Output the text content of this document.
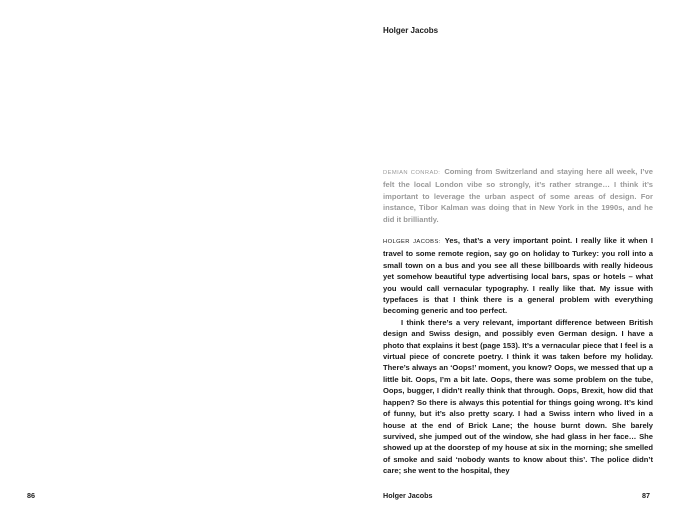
86
Holger Jacobs

DEMIAN CONRAD: Coming from Switzerland and staying here all week, I’ve felt the local London vibe so strongly, it’s rather strange… I think it’s important to leverage the urban aspect of some areas of design. For instance, Tibor Kalman was doing that in New York in the 1990s, and he did it brilliantly.

HOLGER JACOBS: Yes, that’s a very important point. I really like it when I travel to some remote region, say go on holiday to Turkey: you roll into a small town on a bus and you see all these billboards with really hideous yet somehow beautiful type advertising local bars, spas or hotels – what you would call vernacular typography. I really like that. My issue with typefaces is that I think there is a general problem with everything becoming generic and too perfect.

I think there’s a very relevant, important difference between British design and Swiss design, and possibly even German design. I have a photo that explains it best (page 153). It’s a vernacular piece that I feel is a virtual piece of concrete poetry. I think it was taken before my holiday. There’s always an ‘Oops!’ moment, you know? Oops, we messed that up a little bit. Oops, I’m a bit late. Oops, there was some problem on the tube, Oops, bugger, I didn’t really think that through. Oops, Brexit, how did that happen? So there is always this potential for things going wrong. It’s kind of funny, but it’s also pretty scary. I had a Swiss intern who lived in a house at the end of Brick Lane; the house burnt down. She barely survived, she jumped out of the window, she had glass in her face… She showed up at the doorstep of my house at six in the morning; she smelled of smoke and said ‘nobody wants to know about this’. The police didn’t care; she went to the hospital, they

Holger Jacobs	87
